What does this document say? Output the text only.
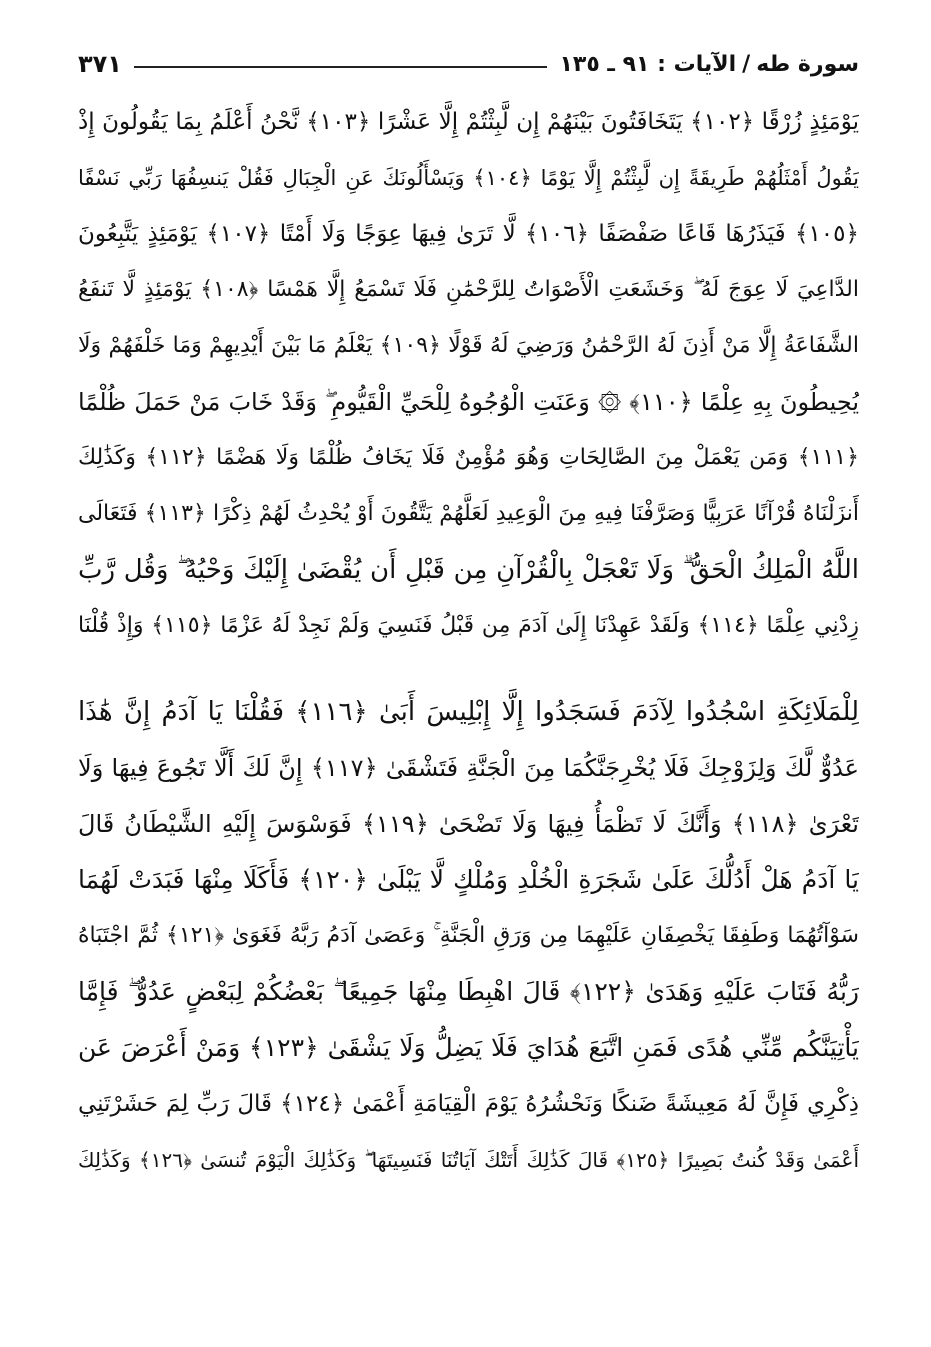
سورة طه
/
الآيات : ٩١ ـ ١٣٥
٣٧١
يَوْمَئِذٍ زُرْقًا ﴿١٠٢﴾ يَتَخَافَتُونَ بَيْنَهُمْ إِن لَّبِثْتُمْ إِلَّا عَشْرًا ﴿١٠٣﴾ نَّحْنُ أَعْلَمُ بِمَا يَقُولُونَ إِذْ
يَقُولُ أَمْثَلُهُمْ طَرِيقَةً إِن لَّبِثْتُمْ إِلَّا يَوْمًا ﴿١٠٤﴾ وَيَسْأَلُونَكَ عَنِ الْجِبَالِ فَقُلْ يَنسِفُهَا رَبِّي نَسْفًا
﴿١٠٥﴾ فَيَذَرُهَا قَاعًا صَفْصَفًا ﴿١٠٦﴾ لَّا تَرَىٰ فِيهَا عِوَجًا وَلَا أَمْتًا ﴿١٠٧﴾ يَوْمَئِذٍ يَتَّبِعُونَ
الدَّاعِيَ لَا عِوَجَ لَهُ ۖ وَخَشَعَتِ الْأَصْوَاتُ لِلرَّحْمَٰنِ فَلَا تَسْمَعُ إِلَّا هَمْسًا ﴿١٠٨﴾ يَوْمَئِذٍ لَّا تَنفَعُ
الشَّفَاعَةُ إِلَّا مَنْ أَذِنَ لَهُ الرَّحْمَٰنُ وَرَضِيَ لَهُ قَوْلًا ﴿١٠٩﴾ يَعْلَمُ مَا بَيْنَ أَيْدِيهِمْ وَمَا خَلْفَهُمْ وَلَا
يُحِيطُونَ بِهِ عِلْمًا ﴿١١٠﴾ ۞ وَعَنَتِ الْوُجُوهُ لِلْحَيِّ الْقَيُّومِ ۖ وَقَدْ خَابَ مَنْ حَمَلَ ظُلْمًا
﴿١١١﴾ وَمَن يَعْمَلْ مِنَ الصَّالِحَاتِ وَهُوَ مُؤْمِنٌ فَلَا يَخَافُ ظُلْمًا وَلَا هَضْمًا ﴿١١٢﴾ وَكَذَٰلِكَ
أَنزَلْنَاهُ قُرْآنًا عَرَبِيًّا وَصَرَّفْنَا فِيهِ مِنَ الْوَعِيدِ لَعَلَّهُمْ يَتَّقُونَ أَوْ يُحْدِثُ لَهُمْ ذِكْرًا ﴿١١٣﴾ فَتَعَالَى
اللَّهُ الْمَلِكُ الْحَقُّ ۗ وَلَا تَعْجَلْ بِالْقُرْآنِ مِن قَبْلِ أَن يُقْضَىٰ إِلَيْكَ وَحْيُهُ ۖ وَقُل رَّبِّ
زِدْنِي عِلْمًا ﴿١١٤﴾ وَلَقَدْ عَهِدْنَا إِلَىٰ آدَمَ مِن قَبْلُ فَنَسِيَ وَلَمْ نَجِدْ لَهُ عَزْمًا ﴿١١٥﴾ وَإِذْ قُلْنَا
لِلْمَلَائِكَةِ اسْجُدُوا لِآدَمَ فَسَجَدُوا إِلَّا إِبْلِيسَ أَبَىٰ ﴿١١٦﴾ فَقُلْنَا يَا آدَمُ إِنَّ هَٰذَا
عَدُوٌّ لَّكَ وَلِزَوْجِكَ فَلَا يُخْرِجَنَّكُمَا مِنَ الْجَنَّةِ فَتَشْقَىٰ ﴿١١٧﴾ إِنَّ لَكَ أَلَّا تَجُوعَ فِيهَا وَلَا
تَعْرَىٰ ﴿١١٨﴾ وَأَنَّكَ لَا تَظْمَأُ فِيهَا وَلَا تَضْحَىٰ ﴿١١٩﴾ فَوَسْوَسَ إِلَيْهِ الشَّيْطَانُ قَالَ
يَا آدَمُ هَلْ أَدُلُّكَ عَلَىٰ شَجَرَةِ الْخُلْدِ وَمُلْكٍ لَّا يَبْلَىٰ ﴿١٢٠﴾ فَأَكَلَا مِنْهَا فَبَدَتْ لَهُمَا
سَوْآتُهُمَا وَطَفِقَا يَخْصِفَانِ عَلَيْهِمَا مِن وَرَقِ الْجَنَّةِ ۚ وَعَصَىٰ آدَمُ رَبَّهُ فَغَوَىٰ ﴿١٢١﴾ ثُمَّ اجْتَبَاهُ
رَبُّهُ فَتَابَ عَلَيْهِ وَهَدَىٰ ﴿١٢٢﴾ قَالَ اهْبِطَا مِنْهَا جَمِيعًا ۖ بَعْضُكُمْ لِبَعْضٍ عَدُوٌّ ۖ فَإِمَّا
يَأْتِيَنَّكُم مِّنِّي هُدًى فَمَنِ اتَّبَعَ هُدَايَ فَلَا يَضِلُّ وَلَا يَشْقَىٰ ﴿١٢٣﴾ وَمَنْ أَعْرَضَ عَن
ذِكْرِي فَإِنَّ لَهُ مَعِيشَةً ضَنكًا وَنَحْشُرُهُ يَوْمَ الْقِيَامَةِ أَعْمَىٰ ﴿١٢٤﴾ قَالَ رَبِّ لِمَ حَشَرْتَنِي
أَعْمَىٰ وَقَدْ كُنتُ بَصِيرًا ﴿١٢٥﴾ قَالَ كَذَٰلِكَ أَتَتْكَ آيَاتُنَا فَنَسِيتَهَا ۖ وَكَذَٰلِكَ الْيَوْمَ تُنسَىٰ ﴿١٢٦﴾ وَكَذَٰلِكَ
